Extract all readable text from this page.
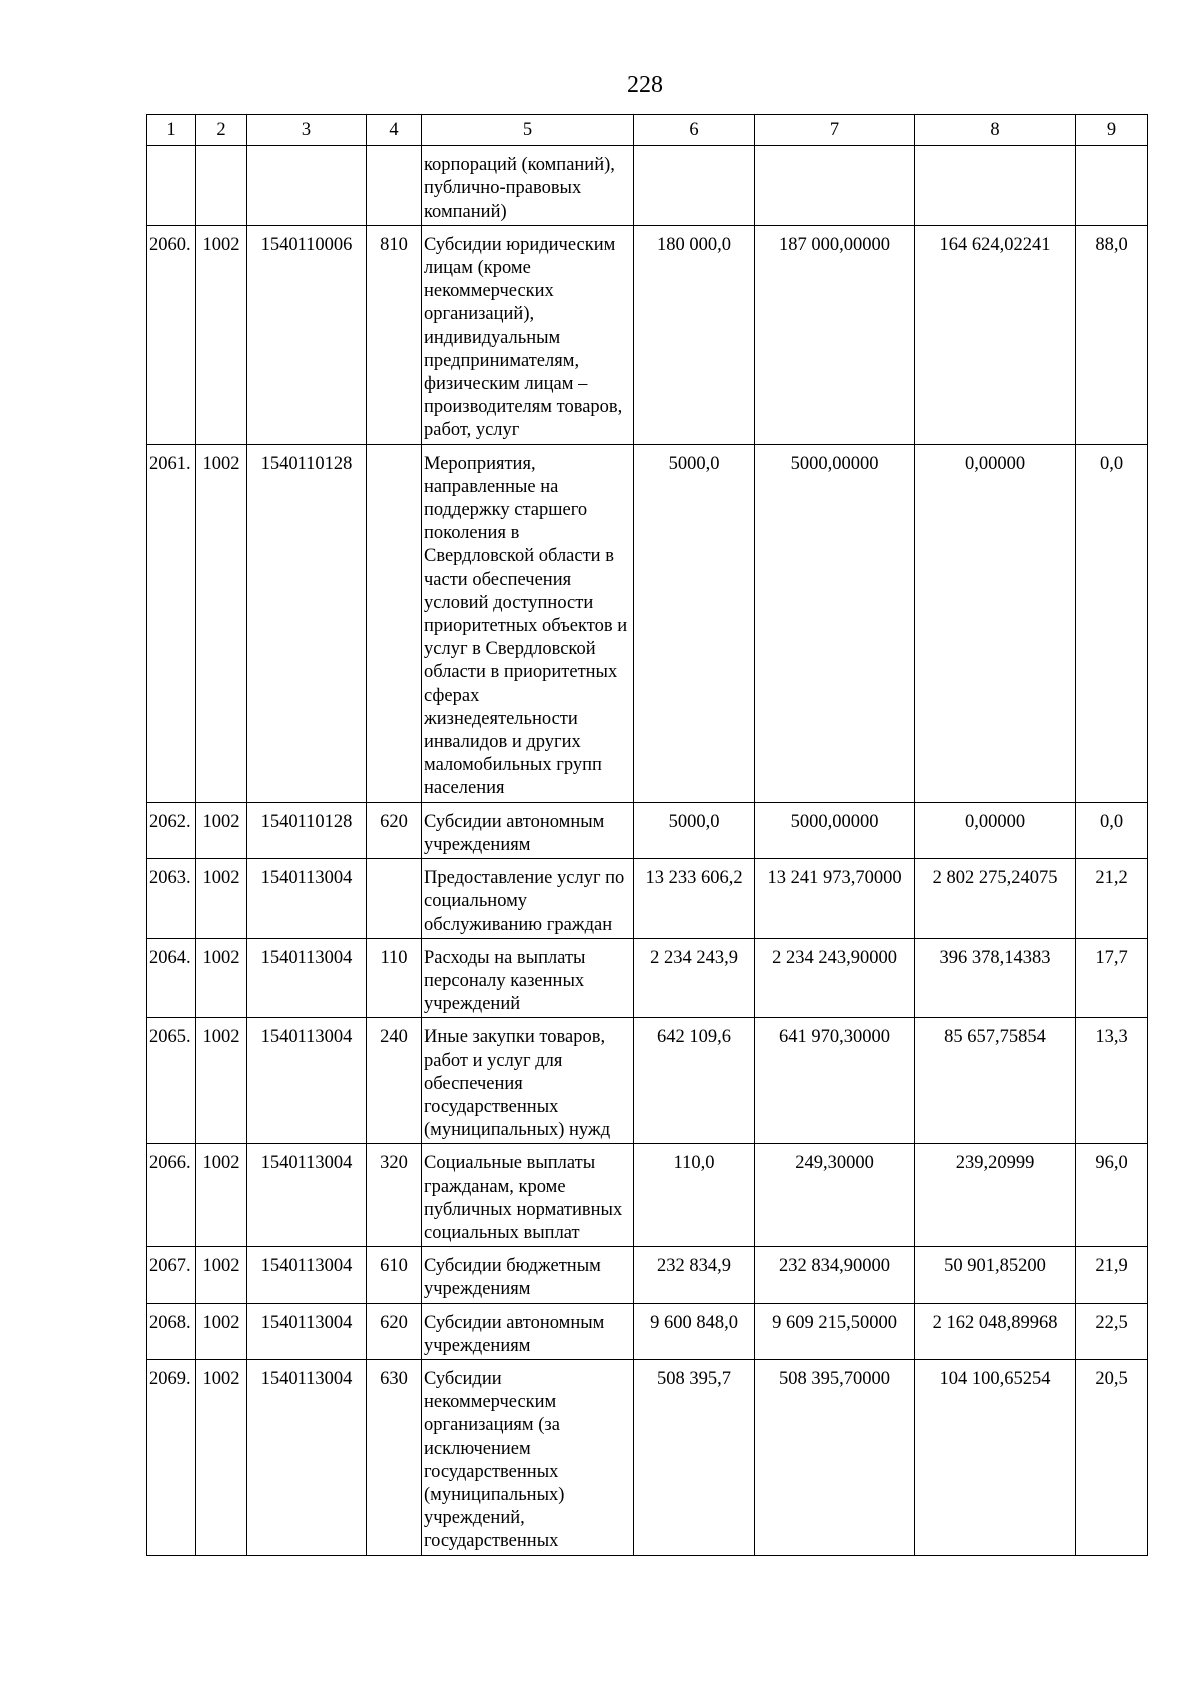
228
1	2	3	4	5	6	7	8	9
				корпораций (компаний), публично-правовых компаний)				
2060.	1002	1540110006	810	Субсидии юридическим лицам (кроме некоммерческих организаций), индивидуальным предпринимателям, физическим лицам – производителям товаров, работ, услуг	180 000,0	187 000,00000	164 624,02241	88,0
2061.	1002	1540110128		Мероприятия, направленные на поддержку старшего поколения в Свердловской области в части обеспечения условий доступности приоритетных объектов и услуг в Свердловской области в приоритетных сферах жизнедеятельности инвалидов и других маломобильных групп населения	5000,0	5000,00000	0,00000	0,0
2062.	1002	1540110128	620	Субсидии автономным учреждениям	5000,0	5000,00000	0,00000	0,0
2063.	1002	1540113004		Предоставление услуг по социальному обслуживанию граждан	13 233 606,2	13 241 973,70000	2 802 275,24075	21,2
2064.	1002	1540113004	110	Расходы на выплаты персоналу казенных учреждений	2 234 243,9	2 234 243,90000	396 378,14383	17,7
2065.	1002	1540113004	240	Иные закупки товаров, работ и услуг для обеспечения государственных (муниципальных) нужд	642 109,6	641 970,30000	85 657,75854	13,3
2066.	1002	1540113004	320	Социальные выплаты гражданам, кроме публичных нормативных социальных выплат	110,0	249,30000	239,20999	96,0
2067.	1002	1540113004	610	Субсидии бюджетным учреждениям	232 834,9	232 834,90000	50 901,85200	21,9
2068.	1002	1540113004	620	Субсидии автономным учреждениям	9 600 848,0	9 609 215,50000	2 162 048,89968	22,5
2069.	1002	1540113004	630	Субсидии некоммерческим организациям (за исключением государственных (муниципальных) учреждений, государственных	508 395,7	508 395,70000	104 100,65254	20,5
